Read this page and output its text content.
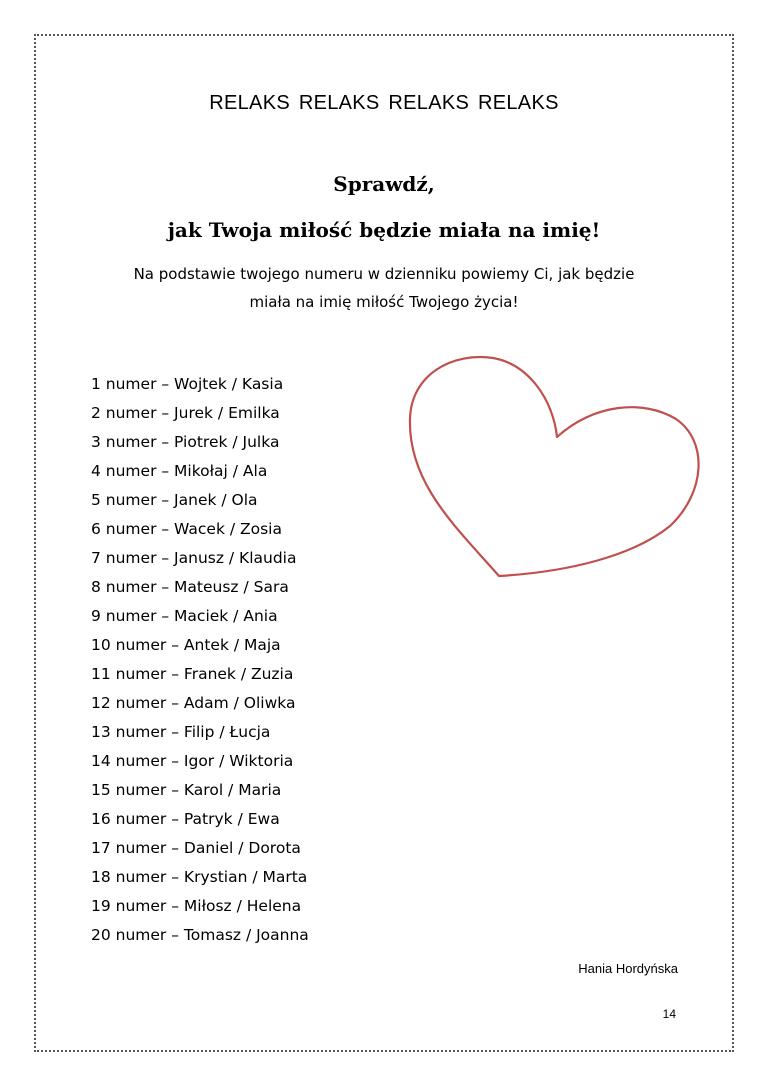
RELAKS RELAKS RELAKS RELAKS
Sprawdź,
jak Twoja miłość będzie miała na imię!
Na podstawie twojego numeru w dzienniku powiemy Ci, jak będzie
miała na imię miłość Twojego życia!
1 numer – Wojtek / Kasia
2 numer – Jurek / Emilka
3 numer – Piotrek / Julka
4 numer – Mikołaj / Ala
5 numer – Janek / Ola
6 numer – Wacek / Zosia
7 numer – Janusz / Klaudia
8 numer – Mateusz / Sara
9 numer – Maciek / Ania
10 numer – Antek / Maja
11 numer – Franek / Zuzia
12 numer – Adam / Oliwka
13 numer – Filip / Łucja
14 numer – Igor / Wiktoria
15 numer – Karol / Maria
16 numer – Patryk / Ewa
17 numer – Daniel / Dorota
18 numer – Krystian / Marta
19 numer – Miłosz / Helena
20 numer – Tomasz / Joanna
Hania Hordyńska
14
